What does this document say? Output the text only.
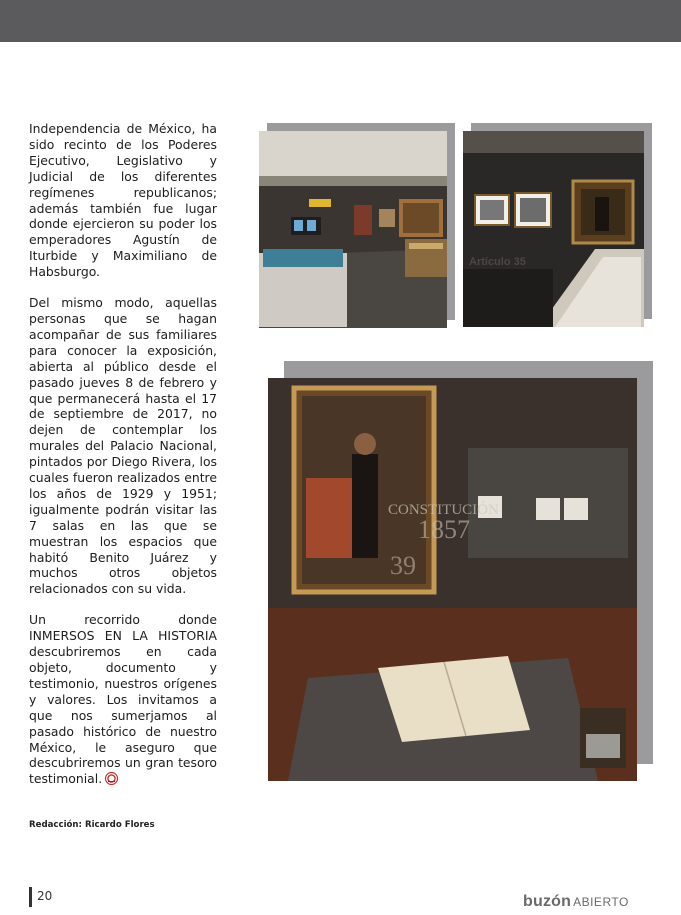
Independencia de México, ha sido recinto de los Poderes Ejecutivo, Legislativo y Judicial de los diferentes regímenes republicanos; además también fue lugar donde ejercieron su poder los emperadores Agustín de Iturbide y Maximiliano de Habsburgo.

Del mismo modo, aquellas personas que se hagan acompañar de sus familiares para conocer la exposición, abierta al público desde el pasado jueves 8 de febrero y que permanecerá hasta el 17 de septiembre de 2017, no dejen de contemplar los murales del Palacio Nacional, pintados por Diego Rivera, los cuales fueron realizados entre los años de 1929 y 1951; igualmente podrán visitar las 7 salas en las que se muestran los espacios que habitó Benito Juárez y muchos otros objetos relacionados con su vida.

Un recorrido donde INMERSOS EN LA HISTORIA descubriremos en cada objeto, documento y testimonio, nuestros orígenes y valores. Los invitamos a que nos sumerjamos al pasado histórico de nuestro México, le aseguro que descubriremos un gran tesoro testimonial.

Artículo 35
CONSTITUCIÓN
1857
39
Redacción: Ricardo Flores
20	buzón ABIERTO
